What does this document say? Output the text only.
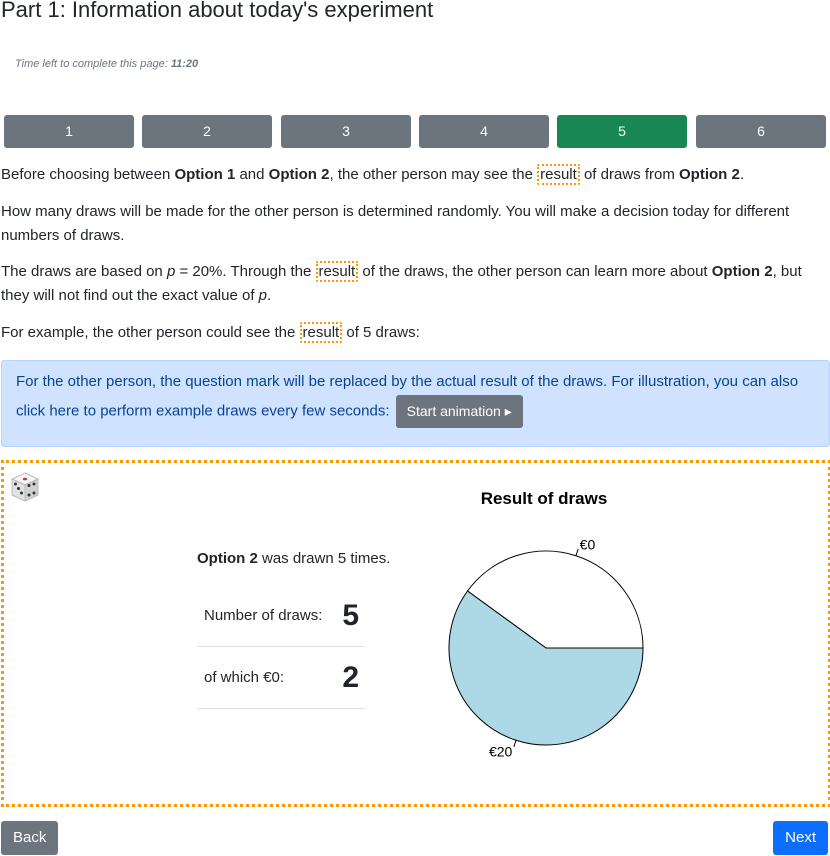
Part 1: Information about today's experiment
Time left to complete this page: 11:20
1	2	3	4	5	6

Before choosing between Option 1 and Option 2, the other person may see the result of draws from Option 2.

How many draws will be made for the other person is determined randomly. You will make a decision today for different numbers of draws.

The draws are based on p = 20%. Through the result of the draws, the other person can learn more about Option 2, but they will not find out the exact value of p.

For example, the other person could see the result of 5 draws:

For the other person, the question mark will be replaced by the actual result of the draws. For illustration, you can also click here to perform example draws every few seconds: Start animation ▸
Option 2 was drawn 5 times.
Number of draws: 5
of which €0: 2
Result of draws
€0
€20
Back	Next
